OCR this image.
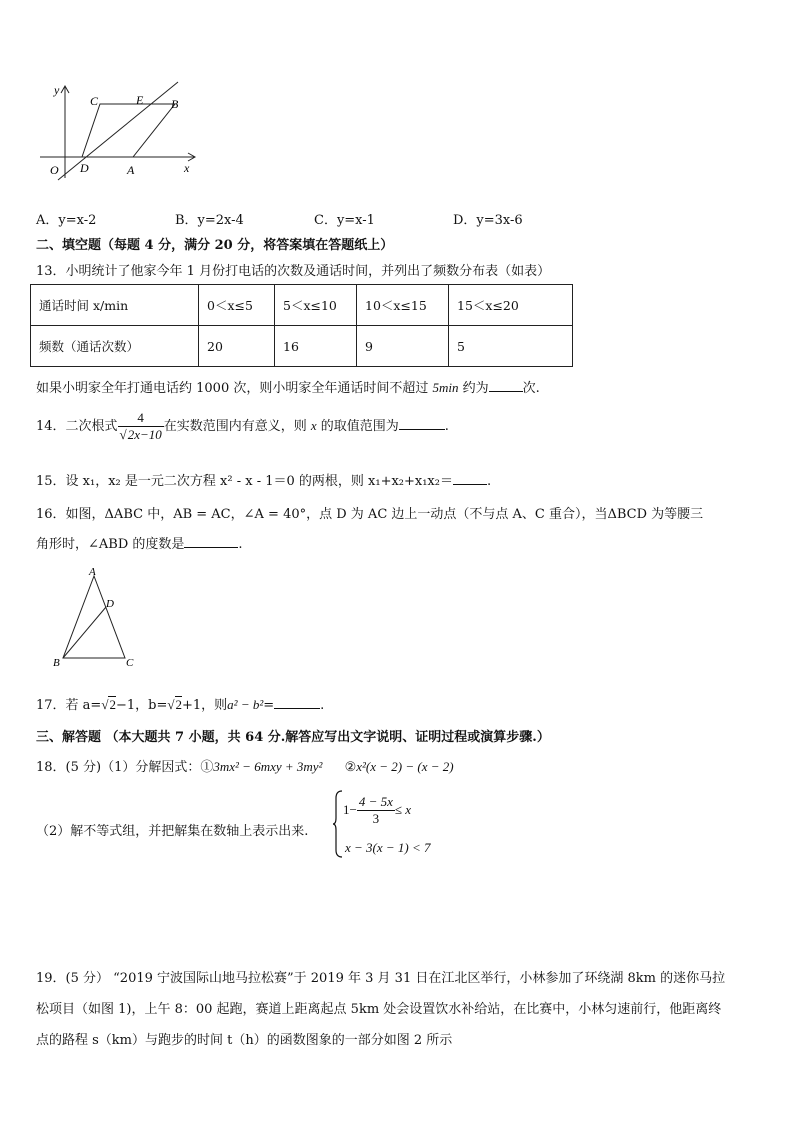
y
x
O
C	E B
D	A
A．y=x-2	B．y=2x-4	C．y=x-1	D．y=3x-6
二、填空题（每题 4 分，满分 20 分，将答案填在答题纸上）
13．小明统计了他家今年 1 月份打电话的次数及通话时间，并列出了频数分布表（如表）
通话时间 x/min	0＜x≤5	5＜x≤10	10＜x≤15	15＜x≤20
频数（通话次数）	20	16	9	5
如果小明家全年打通电话约 1000 次，则小明家全年通话时间不超过 5min 约为	次.
14．二次根式 $\frac{4}{√2x-10}$ 在实数范围内有意义，则 x 的取值范围为	.
15．设 x₁，x₂ 是一元二次方程 x² - x - 1＝0 的两根，则 x₁+x₂+x₁x₂＝	.
16．如图，ΔABC 中，AB = AC，∠A = 40°，点 D 为 AC 边上一动点（不与点 A、C 重合），当ΔBCD 为等腰三
角形时，∠ABD 的度数是	.
A
D
B	C
17．若 a=√2−1，b=√2+1，则a² − b²=	.
三、解答题 （本大题共 7 小题，共 64 分.解答应写出文字说明、证明过程或演算步骤.）
18．(5 分)（1）分解因式：①3mx² − 6mxy + 3my² ②x²(x − 2) − (x − 2)
（2）解不等式组，并把解集在数轴上表示出来.
$1- \frac{4 - 5x}{3} \le x$
x − 3(x − 1) < 7
19．(5 分） “2019 宁波国际山地马拉松赛”于 2019 年 3 月 31 日在江北区举行，小林参加了环绕湖 8km 的迷你马拉
松项目（如图 1)，上午 8：00 起跑，赛道上距离起点 5km 处会设置饮水补给站，在比赛中，小林匀速前行，他距离终
点的路程 s（km）与跑步的时间 t（h）的函数图象的一部分如图 2 所示
